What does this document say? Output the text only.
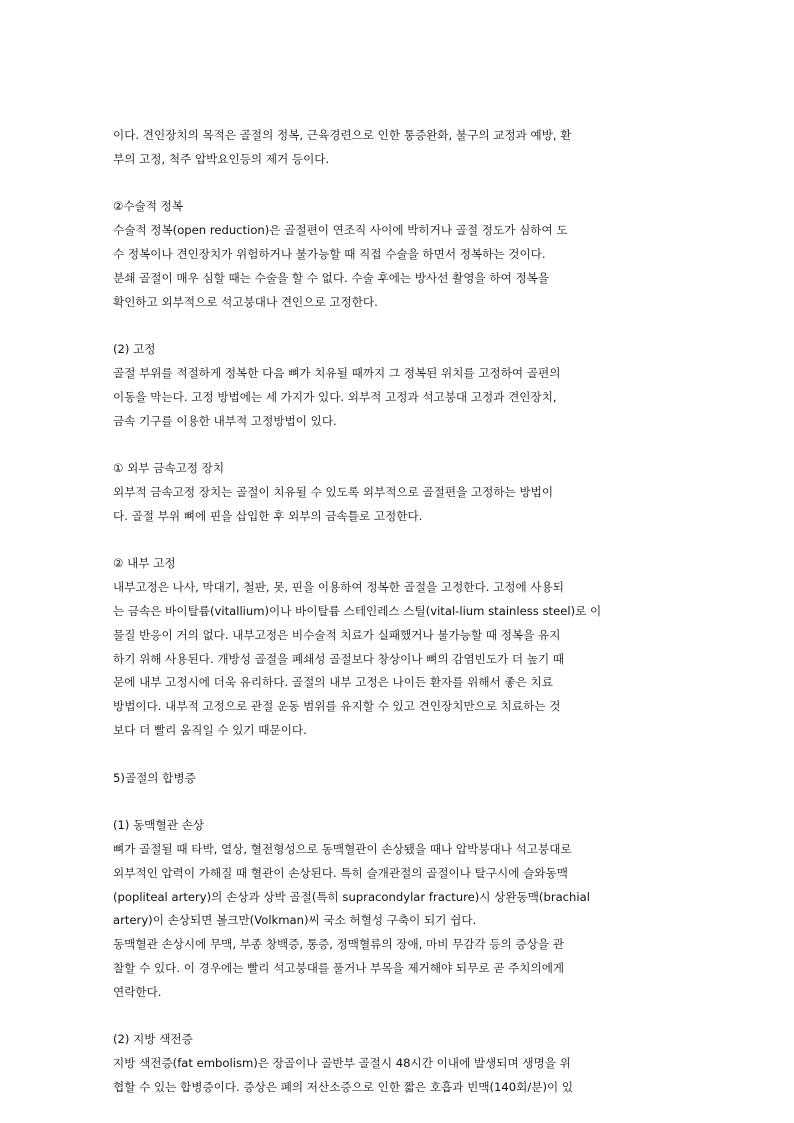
이다. 견인장치의 목적은 골절의 정복, 근육경련으로 인한 통증완화, 불구의 교정과 예방, 환
부의 고정, 척주 압박요인등의 제거 등이다.
②수술적 정복
수술적 정복(open reduction)은 골절편이 연조직 사이에 박히거나 골절 정도가 심하여 도
수 정복이나 견인장치가 위험하거나 불가능할 때 직접 수술을 하면서 정복하는 것이다.
분쇄 골절이 매우 심할 때는 수술을 할 수 없다. 수술 후에는 방사선 촬영을 하여 정복을
확인하고 외부적으로 석고붕대나 견인으로 고정한다.
(2) 고정
골절 부위를 적절하게 정복한 다음 뼈가 치유될 때까지 그 정복된 위치를 고정하여 골편의
이동을 막는다. 고정 방법에는 세 가지가 있다. 외부적 고정과 석고붕대 고정과 견인장치,
금속 기구를 이용한 내부적 고정방법이 있다.
① 외부 금속고정 장치
외부적 금속고정 장치는 골절이 치유될 수 있도록 외부적으로 골절편을 고정하는 방법이
다. 골절 부위 뼈에 핀을 삽입한 후 외부의 금속틀로 고정한다.
② 내부 고정
내부고정은 나사, 막대기, 철판, 못, 핀을 이용하여 정복한 골절을 고정한다. 고정에 사용되
는 금속은 바이탈륨(vitallium)이나 바이탈륨 스테인레스 스틸(vital-lium stainless steel)로 이
물질 반응이 거의 없다. 내부고정은 비수술적 치료가 실패했거나 불가능할 때 정복을 유지
하기 위해 사용된다. 개방성 골절을 폐쇄성 골절보다 창상이나 뼈의 감염빈도가 더 높기 때
문에 내부 고정시에 더욱 유리하다. 골절의 내부 고정은 나이든 환자를 위해서 좋은 치료
방법이다. 내부적 고정으로 관절 운동 범위를 유지할 수 있고 견인장치만으로 치료하는 것
보다 더 빨리 움직일 수 있기 때문이다.
5)골절의 합병증
(1) 동맥혈관 손상
뼈가 골절될 때 타박, 열상, 혈전형성으로 동맥혈관이 손상됐을 때나 압박붕대나 석고붕대로
외부적인 압력이 가해질 때 혈관이 손상된다. 특히 슬개관절의 골절이나 탈구시에 슬와동맥
(popliteal artery)의 손상과 상박 골절(특히 supracondylar fracture)시 상완동맥(brachial
artery)이 손상되면 볼크만(Volkman)씨 국소 허혈성 구축이 되기 쉽다.
동맥혈관 손상시에 무맥, 부종 창백증, 통증, 정맥혈류의 장애, 마비 무감각 등의 증상을 관
찰할 수 있다. 이 경우에는 빨리 석고붕대를 풀거나 부목을 제거해야 되무로 곧 주치의에게
연락한다.
(2) 지방 색전증
지방 색전증(fat embolism)은 장골이나 골반부 골절시 48시간 이내에 발생되며 생명을 위
협할 수 있는 합병증이다. 증상은 폐의 저산소증으로 인한 짧은 호흡과 빈맥(140회/분)이 있
